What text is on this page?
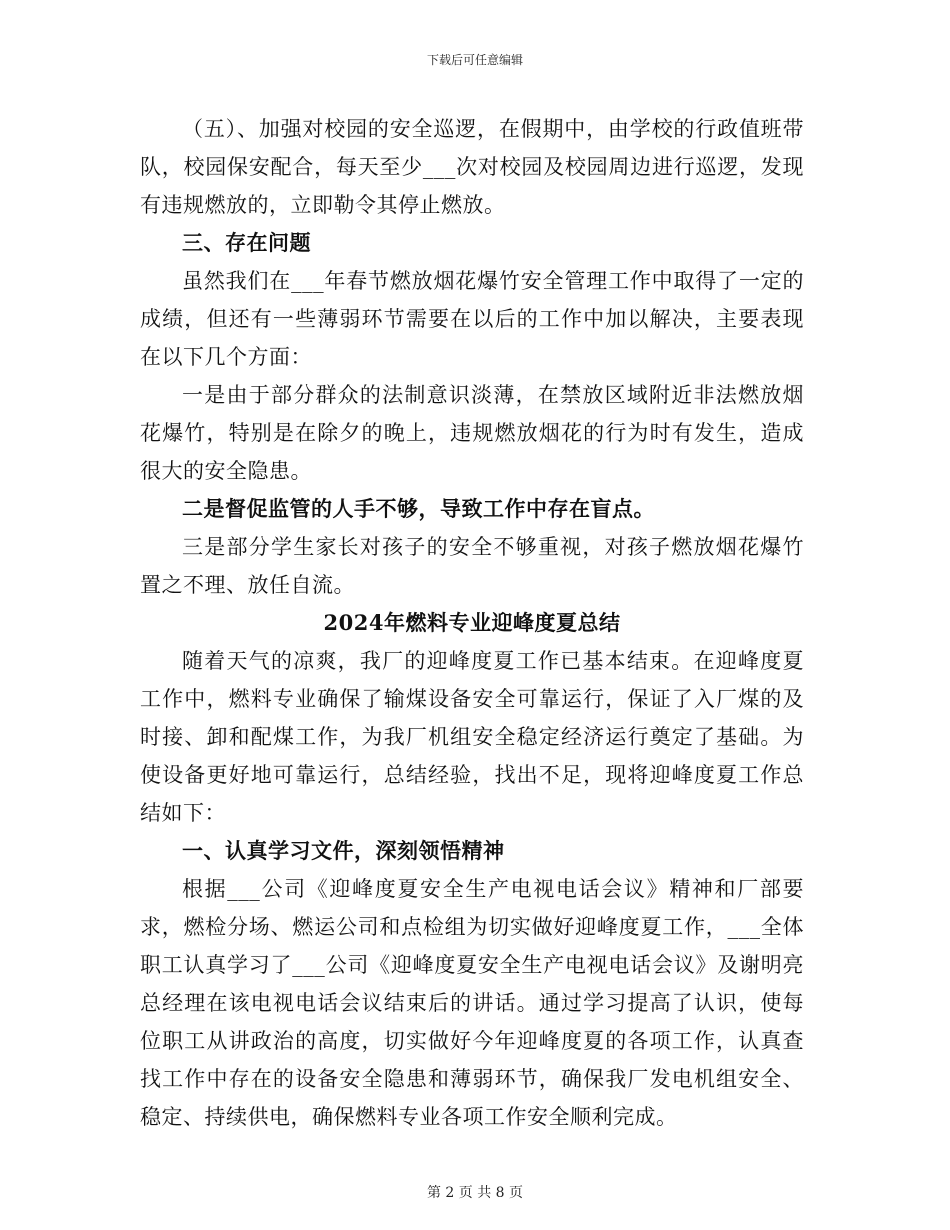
下载后可任意编辑

（五）、加强对校园的安全巡逻，在假期中，由学校的行政值班带队，校园保安配合，每天至少___次对校园及校园周边进行巡逻，发现有违规燃放的，立即勒令其停止燃放。

三、存在问题

虽然我们在___年春节燃放烟花爆竹安全管理工作中取得了一定的成绩，但还有一些薄弱环节需要在以后的工作中加以解决，主要表现在以下几个方面：

一是由于部分群众的法制意识淡薄，在禁放区域附近非法燃放烟花爆竹，特别是在除夕的晚上，违规燃放烟花的行为时有发生，造成很大的安全隐患。

二是督促监管的人手不够，导致工作中存在盲点。

三是部分学生家长对孩子的安全不够重视，对孩子燃放烟花爆竹置之不理、放任自流。

2024年燃料专业迎峰度夏总结

随着天气的凉爽，我厂的迎峰度夏工作已基本结束。在迎峰度夏工作中，燃料专业确保了输煤设备安全可靠运行，保证了入厂煤的及时接、卸和配煤工作，为我厂机组安全稳定经济运行奠定了基础。为使设备更好地可靠运行，总结经验，找出不足，现将迎峰度夏工作总结如下：

一、认真学习文件，深刻领悟精神

根据___公司《迎峰度夏安全生产电视电话会议》精神和厂部要求，燃检分场、燃运公司和点检组为切实做好迎峰度夏工作，___全体职工认真学习了___公司《迎峰度夏安全生产电视电话会议》及谢明亮总经理在该电视电话会议结束后的讲话。通过学习提高了认识，使每位职工从讲政治的高度，切实做好今年迎峰度夏的各项工作，认真查找工作中存在的设备安全隐患和薄弱环节，确保我厂发电机组安全、稳定、持续供电，确保燃料专业各项工作安全顺利完成。

第 2 页 共 8 页
